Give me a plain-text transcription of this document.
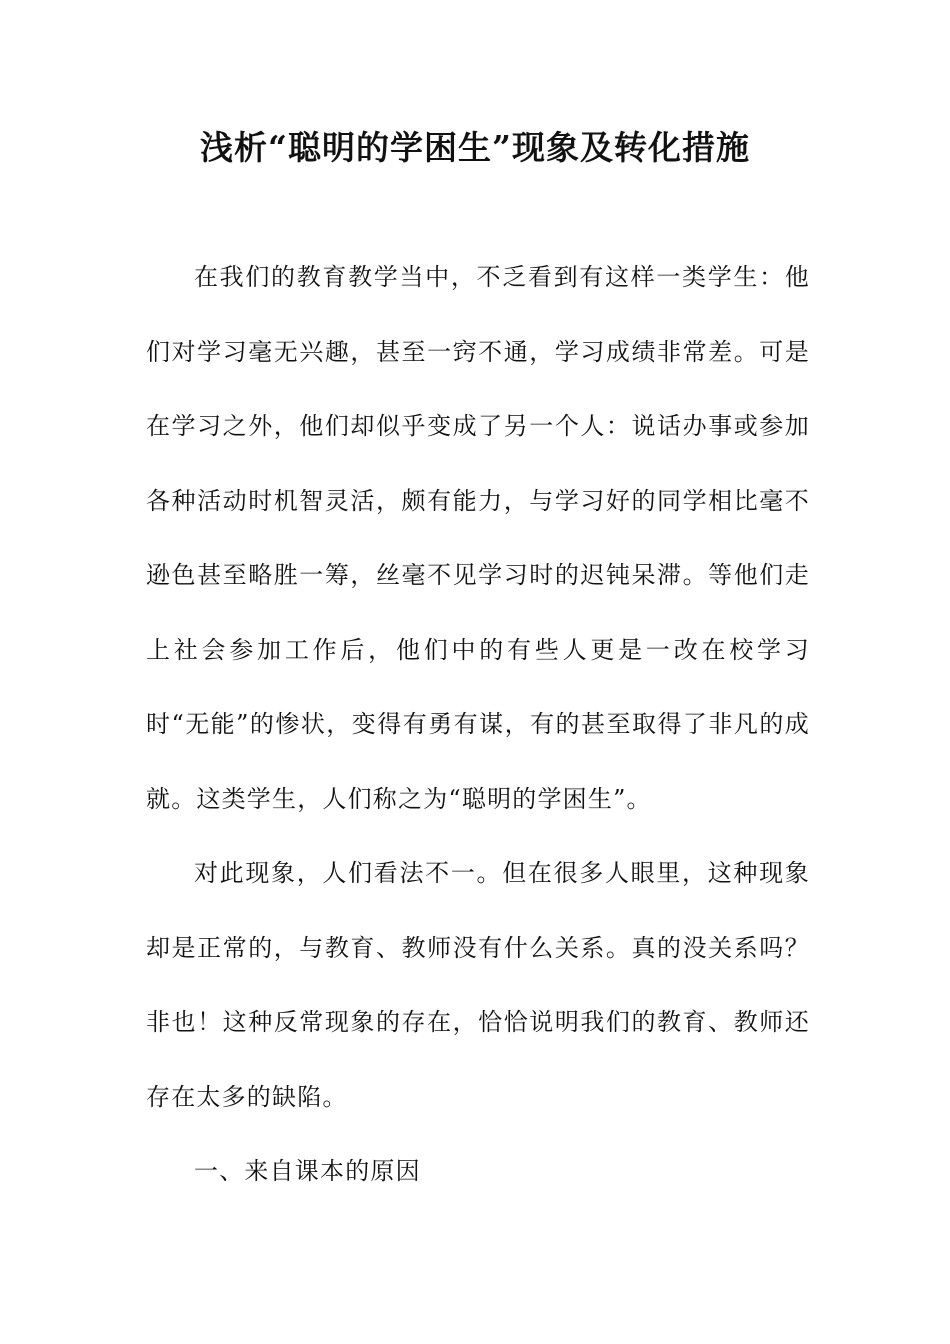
浅析“聪明的学困生”现象及转化措施

在我们的教育教学当中，不乏看到有这样一类学生：他们对学习毫无兴趣，甚至一窍不通，学习成绩非常差。可是在学习之外，他们却似乎变成了另一个人：说话办事或参加各种活动时机智灵活，颇有能力，与学习好的同学相比毫不逊色甚至略胜一筹，丝毫不见学习时的迟钝呆滞。等他们走上社会参加工作后，他们中的有些人更是一改在校学习时“无能”的惨状，变得有勇有谋，有的甚至取得了非凡的成就。这类学生，人们称之为“聪明的学困生”。

对此现象，人们看法不一。但在很多人眼里，这种现象却是正常的，与教育、教师没有什么关系。真的没关系吗？非也！这种反常现象的存在，恰恰说明我们的教育、教师还存在太多的缺陷。

一、来自课本的原因
